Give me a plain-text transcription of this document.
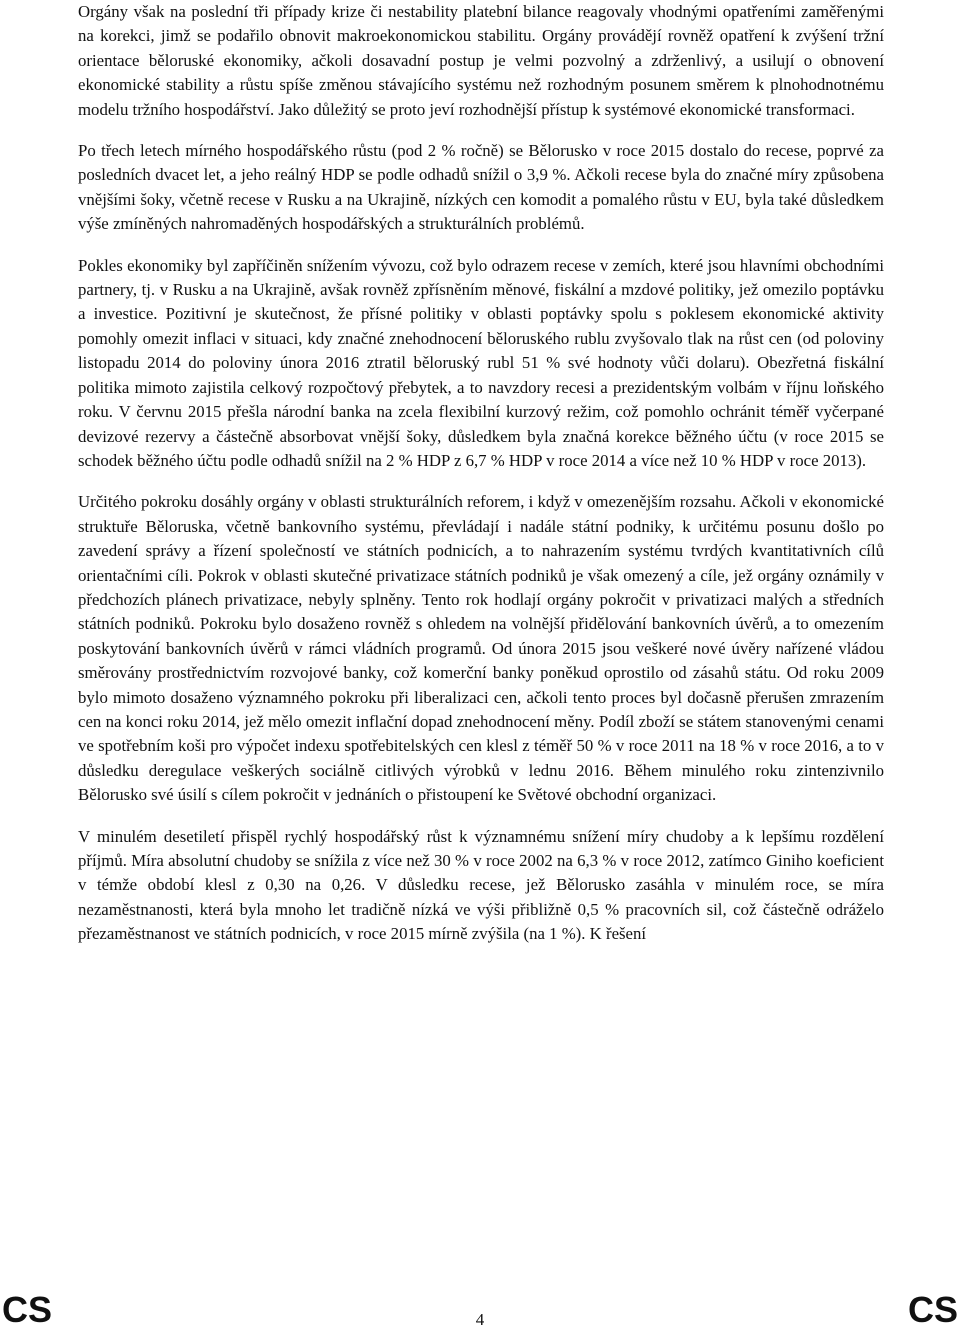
Orgány však na poslední tři případy krize či nestability platební bilance reagovaly vhodnými opatřeními zaměřenými na korekci, jimž se podařilo obnovit makroekonomickou stabilitu. Orgány provádějí rovněž opatření k zvýšení tržní orientace běloruské ekonomiky, ačkoli dosavadní postup je velmi pozvolný a zdrženlivý, a usilují o obnovení ekonomické stability a růstu spíše změnou stávajícího systému než rozhodným posunem směrem k plnohodnotnému modelu tržního hospodářství. Jako důležitý se proto jeví rozhodnější přístup k systémové ekonomické transformaci.

Po třech letech mírného hospodářského růstu (pod 2 % ročně) se Bělorusko v roce 2015 dostalo do recese, poprvé za posledních dvacet let, a jeho reálný HDP se podle odhadů snížil o 3,9 %. Ačkoli recese byla do značné míry způsobena vnějšími šoky, včetně recese v Rusku a na Ukrajině, nízkých cen komodit a pomalého růstu v EU, byla také důsledkem výše zmíněných nahromaděných hospodářských a strukturálních problémů.

Pokles ekonomiky byl zapříčiněn snížením vývozu, což bylo odrazem recese v zemích, které jsou hlavními obchodními partnery, tj. v Rusku a na Ukrajině, avšak rovněž zpřísněním měnové, fiskální a mzdové politiky, jež omezilo poptávku a investice. Pozitivní je skutečnost, že přísné politiky v oblasti poptávky spolu s poklesem ekonomické aktivity pomohly omezit inflaci v situaci, kdy značné znehodnocení běloruského rublu zvyšovalo tlak na růst cen (od poloviny listopadu 2014 do poloviny února 2016 ztratil běloruský rubl 51 % své hodnoty vůči dolaru). Obezřetná fiskální politika mimoto zajistila celkový rozpočtový přebytek, a to navzdory recesi a prezidentským volbám v říjnu loňského roku. V červnu 2015 přešla národní banka na zcela flexibilní kurzový režim, což pomohlo ochránit téměř vyčerpané devizové rezervy a částečně absorbovat vnější šoky, důsledkem byla značná korekce běžného účtu (v roce 2015 se schodek běžného účtu podle odhadů snížil na 2 % HDP z 6,7 % HDP v roce 2014 a více než 10 % HDP v roce 2013).

Určitého pokroku dosáhly orgány v oblasti strukturálních reforem, i když v omezenějším rozsahu. Ačkoli v ekonomické struktuře Běloruska, včetně bankovního systému, převládají i nadále státní podniky, k určitému posunu došlo po zavedení správy a řízení společností ve státních podnicích, a to nahrazením systému tvrdých kvantitativních cílů orientačními cíli. Pokrok v oblasti skutečné privatizace státních podniků je však omezený a cíle, jež orgány oznámily v předchozích plánech privatizace, nebyly splněny. Tento rok hodlají orgány pokročit v privatizaci malých a středních státních podniků. Pokroku bylo dosaženo rovněž s ohledem na volnější přidělování bankovních úvěrů, a to omezením poskytování bankovních úvěrů v rámci vládních programů. Od února 2015 jsou veškeré nové úvěry nařízené vládou směrovány prostřednictvím rozvojové banky, což komerční banky poněkud oprostilo od zásahů státu. Od roku 2009 bylo mimoto dosaženo významného pokroku při liberalizaci cen, ačkoli tento proces byl dočasně přerušen zmrazením cen na konci roku 2014, jež mělo omezit inflační dopad znehodnocení měny. Podíl zboží se státem stanovenými cenami ve spotřebním koši pro výpočet indexu spotřebitelských cen klesl z téměř 50 % v roce 2011 na 18 % v roce 2016, a to v důsledku deregulace veškerých sociálně citlivých výrobků v lednu 2016. Během minulého roku zintenzivnilo Bělorusko své úsilí s cílem pokročit v jednáních o přistoupení ke Světové obchodní organizaci.

V minulém desetiletí přispěl rychlý hospodářský růst k významnému snížení míry chudoby a k lepšímu rozdělení příjmů. Míra absolutní chudoby se snížila z více než 30 % v roce 2002 na 6,3 % v roce 2012, zatímco Giniho koeficient v témže období klesl z 0,30 na 0,26. V důsledku recese, jež Bělorusko zasáhla v minulém roce, se míra nezaměstnanosti, která byla mnoho let tradičně nízká ve výši přibližně 0,5 % pracovních sil, což částečně odráželo přezaměstnanost ve státních podnicích, v roce 2015 mírně zvýšila (na 1 %). K řešení

CS	4	CS
